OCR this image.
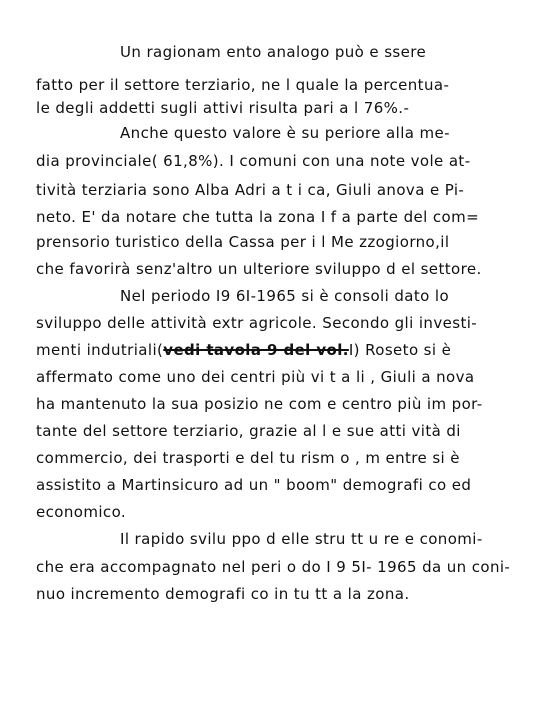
Un ragionam ento analogo può e ssere
fatto per il settore terziario, ne l quale la percentua-
le degli addetti sugli attivi risulta pari a l 76%.-
Anche questo valore è su periore alla me-
dia provinciale( 61,8%). I comuni con una note vole at-
tività terziaria sono Alba Adri a t i ca, Giuli anova e Pi-
neto. E' da notare che tutta la zona I f a parte del com=
prensorio turistico della Cassa per i l Me zzogiorno,il
che favorirà senz'altro un ulteriore sviluppo d el settore.
Nel periodo I9 6I-1965 si è consoli dato lo
sviluppo delle attività extr agricole. Secondo gli investi-
menti indutriali(vedi tavola 9 del vol.I) Roseto si è
affermato come uno dei centri più vi t a li , Giuli a nova
ha mantenuto la sua posizio ne com e centro più im por-
tante del settore terziario, grazie al l e sue atti vità di
commercio, dei trasporti e del tu rism o , m entre si è
assistito a Martinsicuro ad un " boom" demografi co ed
economico.
Il rapido svilu ppo d elle stru tt u re e conomi-
che era accompagnato nel peri o do I 9 5I- 1965 da un coni-
nuo incremento demografi co in tu tt a la zona.
